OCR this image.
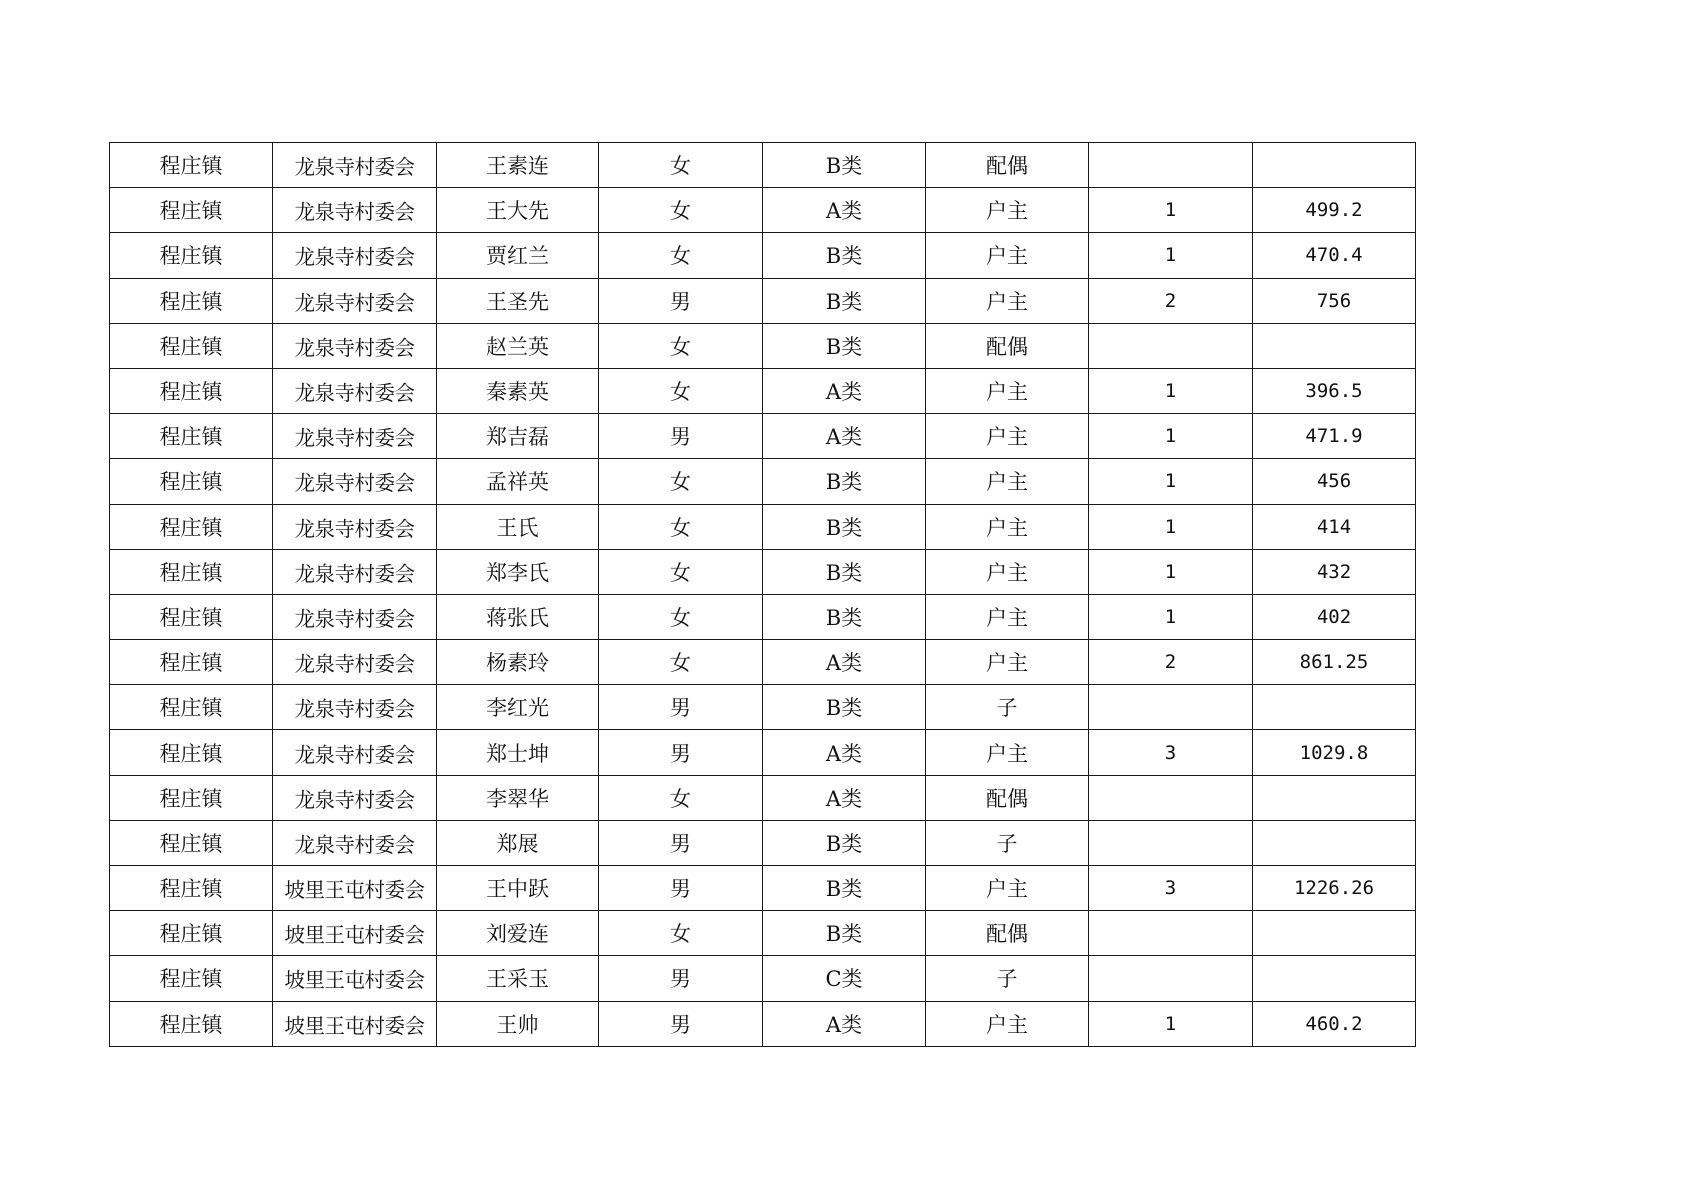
程庄镇	龙泉寺村委会	王素连	女	B类	配偶		
程庄镇	龙泉寺村委会	王大先	女	A类	户主	1	499.2
程庄镇	龙泉寺村委会	贾红兰	女	B类	户主	1	470.4
程庄镇	龙泉寺村委会	王圣先	男	B类	户主	2	756
程庄镇	龙泉寺村委会	赵兰英	女	B类	配偶		
程庄镇	龙泉寺村委会	秦素英	女	A类	户主	1	396.5
程庄镇	龙泉寺村委会	郑吉磊	男	A类	户主	1	471.9
程庄镇	龙泉寺村委会	孟祥英	女	B类	户主	1	456
程庄镇	龙泉寺村委会	王氏	女	B类	户主	1	414
程庄镇	龙泉寺村委会	郑李氏	女	B类	户主	1	432
程庄镇	龙泉寺村委会	蒋张氏	女	B类	户主	1	402
程庄镇	龙泉寺村委会	杨素玲	女	A类	户主	2	861.25
程庄镇	龙泉寺村委会	李红光	男	B类	子		
程庄镇	龙泉寺村委会	郑士坤	男	A类	户主	3	1029.8
程庄镇	龙泉寺村委会	李翠华	女	A类	配偶		
程庄镇	龙泉寺村委会	郑展	男	B类	子		
程庄镇	坡里王屯村委会	王中跃	男	B类	户主	3	1226.26
程庄镇	坡里王屯村委会	刘爱连	女	B类	配偶		
程庄镇	坡里王屯村委会	王采玉	男	C类	子		
程庄镇	坡里王屯村委会	王帅	男	A类	户主	1	460.2
